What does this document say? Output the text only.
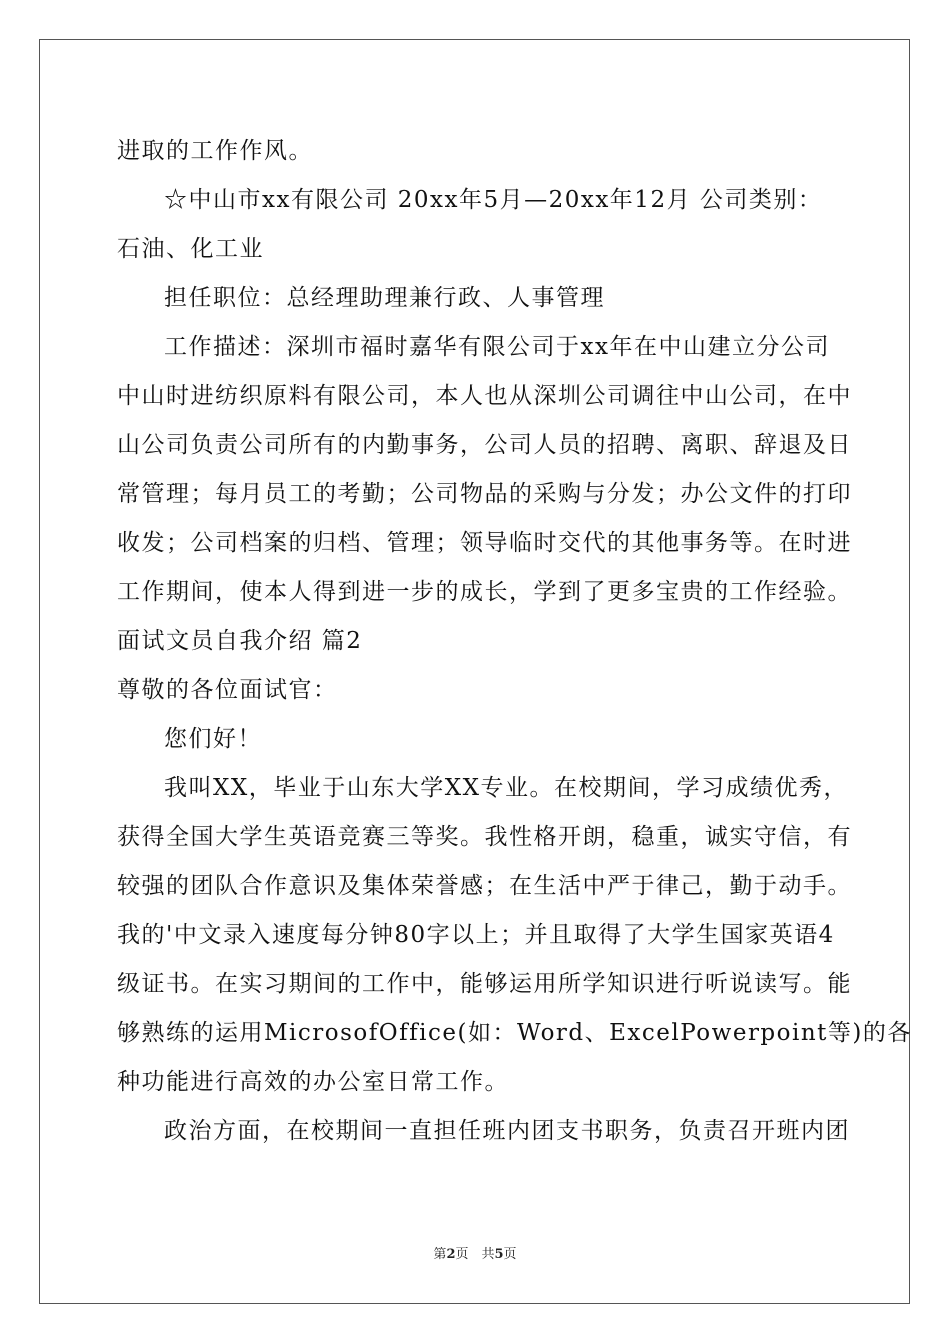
进取的工作作风。
☆中山市xx有限公司 20xx年5月—20xx年12月 公司类别：
石油、化工业
担任职位：总经理助理兼行政、人事管理
工作描述：深圳市福时嘉华有限公司于xx年在中山建立分公司
中山时进纺织原料有限公司，本人也从深圳公司调往中山公司，在中
山公司负责公司所有的内勤事务，公司人员的招聘、离职、辞退及日
常管理；每月员工的考勤；公司物品的采购与分发；办公文件的打印
收发；公司档案的归档、管理；领导临时交代的其他事务等。在时进
工作期间，使本人得到进一步的成长，学到了更多宝贵的工作经验。
面试文员自我介绍 篇2
尊敬的各位面试官：
您们好！
我叫XX，毕业于山东大学XX专业。在校期间，学习成绩优秀，
获得全国大学生英语竞赛三等奖。我性格开朗，稳重，诚实守信，有
较强的团队合作意识及集体荣誉感；在生活中严于律己，勤于动手。
我的'中文录入速度每分钟80字以上；并且取得了大学生国家英语4
级证书。在实习期间的工作中，能够运用所学知识进行听说读写。能
够熟练的运用MicrosofOffice(如：Word、ExcelPowerpoint等)的各
种功能进行高效的办公室日常工作。
政治方面，在校期间一直担任班内团支书职务，负责召开班内团
第2页　共5页
